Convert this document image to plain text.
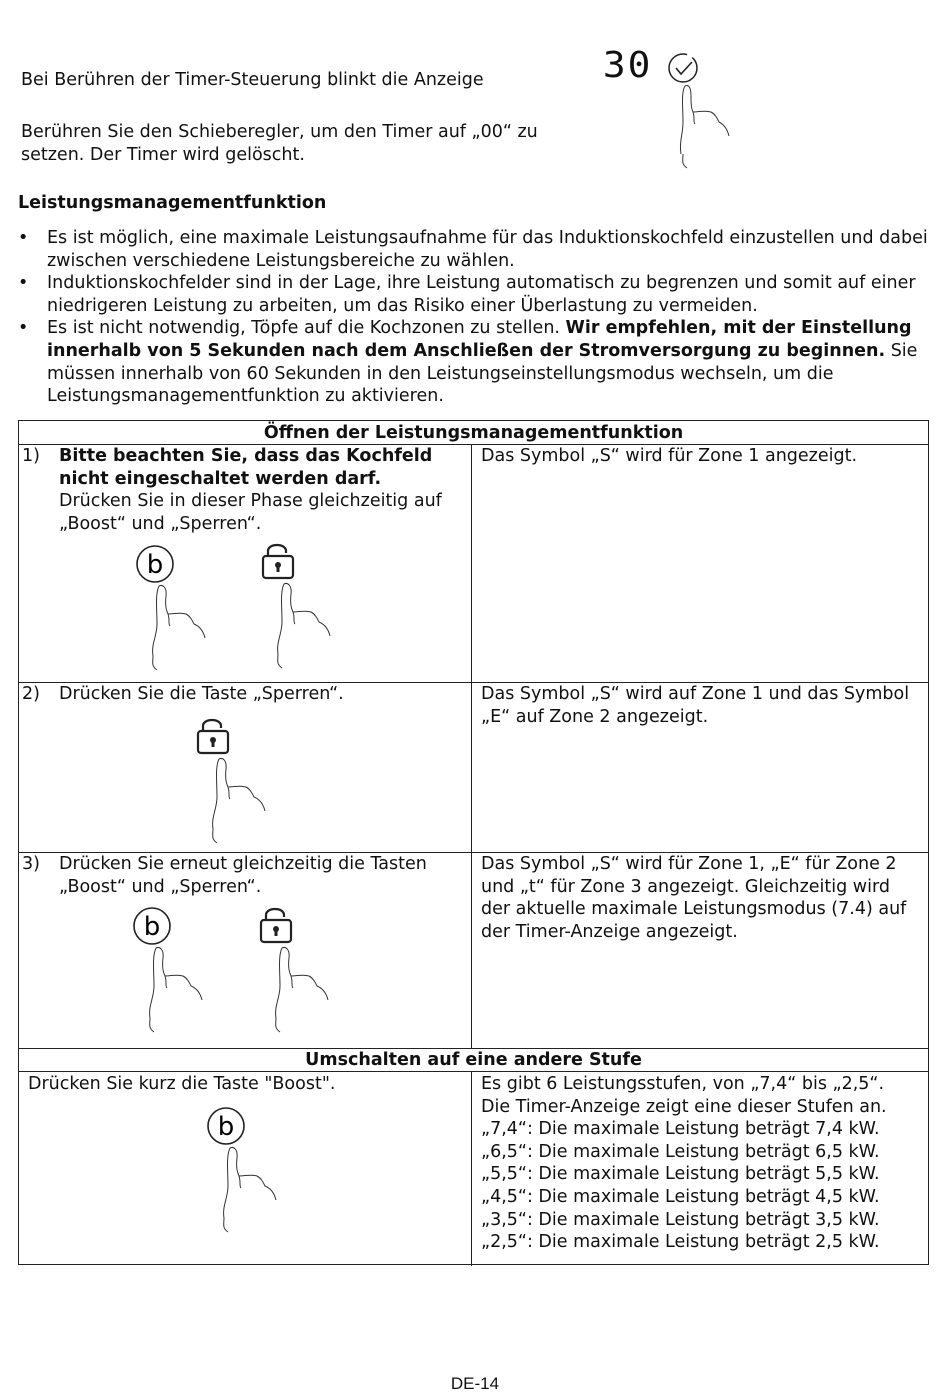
Bei Berühren der Timer-Steuerung blinkt die Anzeige
Berühren Sie den Schieberegler, um den Timer auf „00“ zu setzen. Der Timer wird gelöscht.
30
Leistungsmanagementfunktion
• Es ist möglich, eine maximale Leistungsaufnahme für das Induktionskochfeld einzustellen und dabei zwischen verschiedene Leistungsbereiche zu wählen.
• Induktionskochfelder sind in der Lage, ihre Leistung automatisch zu begrenzen und somit auf einer niedrigeren Leistung zu arbeiten, um das Risiko einer Überlastung zu vermeiden.
• Es ist nicht notwendig, Töpfe auf die Kochzonen zu stellen. Wir empfehlen, mit der Einstellung innerhalb von 5 Sekunden nach dem Anschließen der Stromversorgung zu beginnen. Sie müssen innerhalb von 60 Sekunden in den Leistungseinstellungsmodus wechseln, um die Leistungsmanagementfunktion zu aktivieren.
Öffnen der Leistungsmanagementfunktion
1) Bitte beachten Sie, dass das Kochfeld nicht eingeschaltet werden darf.
Drücken Sie in dieser Phase gleichzeitig auf „Boost“ und „Sperren“.
Das Symbol „S“ wird für Zone 1 angezeigt.
2) Drücken Sie die Taste „Sperren“.	Das Symbol „S“ wird auf Zone 1 und das Symbol „E“ auf Zone 2 angezeigt.
3) Drücken Sie erneut gleichzeitig die Tasten „Boost“ und „Sperren“.
Das Symbol „S“ wird für Zone 1, „E“ für Zone 2 und „t“ für Zone 3 angezeigt. Gleichzeitig wird der aktuelle maximale Leistungsmodus (7.4) auf der Timer-Anzeige angezeigt.
Umschalten auf eine andere Stufe
Drücken Sie kurz die Taste "Boost".	Es gibt 6 Leistungsstufen, von „7,4“ bis „2,5“.
Die Timer-Anzeige zeigt eine dieser Stufen an.
„7,4“: Die maximale Leistung beträgt 7,4 kW.
„6,5“: Die maximale Leistung beträgt 6,5 kW.
„5,5“: Die maximale Leistung beträgt 5,5 kW.
„4,5“: Die maximale Leistung beträgt 4,5 kW.
„3,5“: Die maximale Leistung beträgt 3,5 kW.
„2,5“: Die maximale Leistung beträgt 2,5 kW.
b
b
b
DE-14
